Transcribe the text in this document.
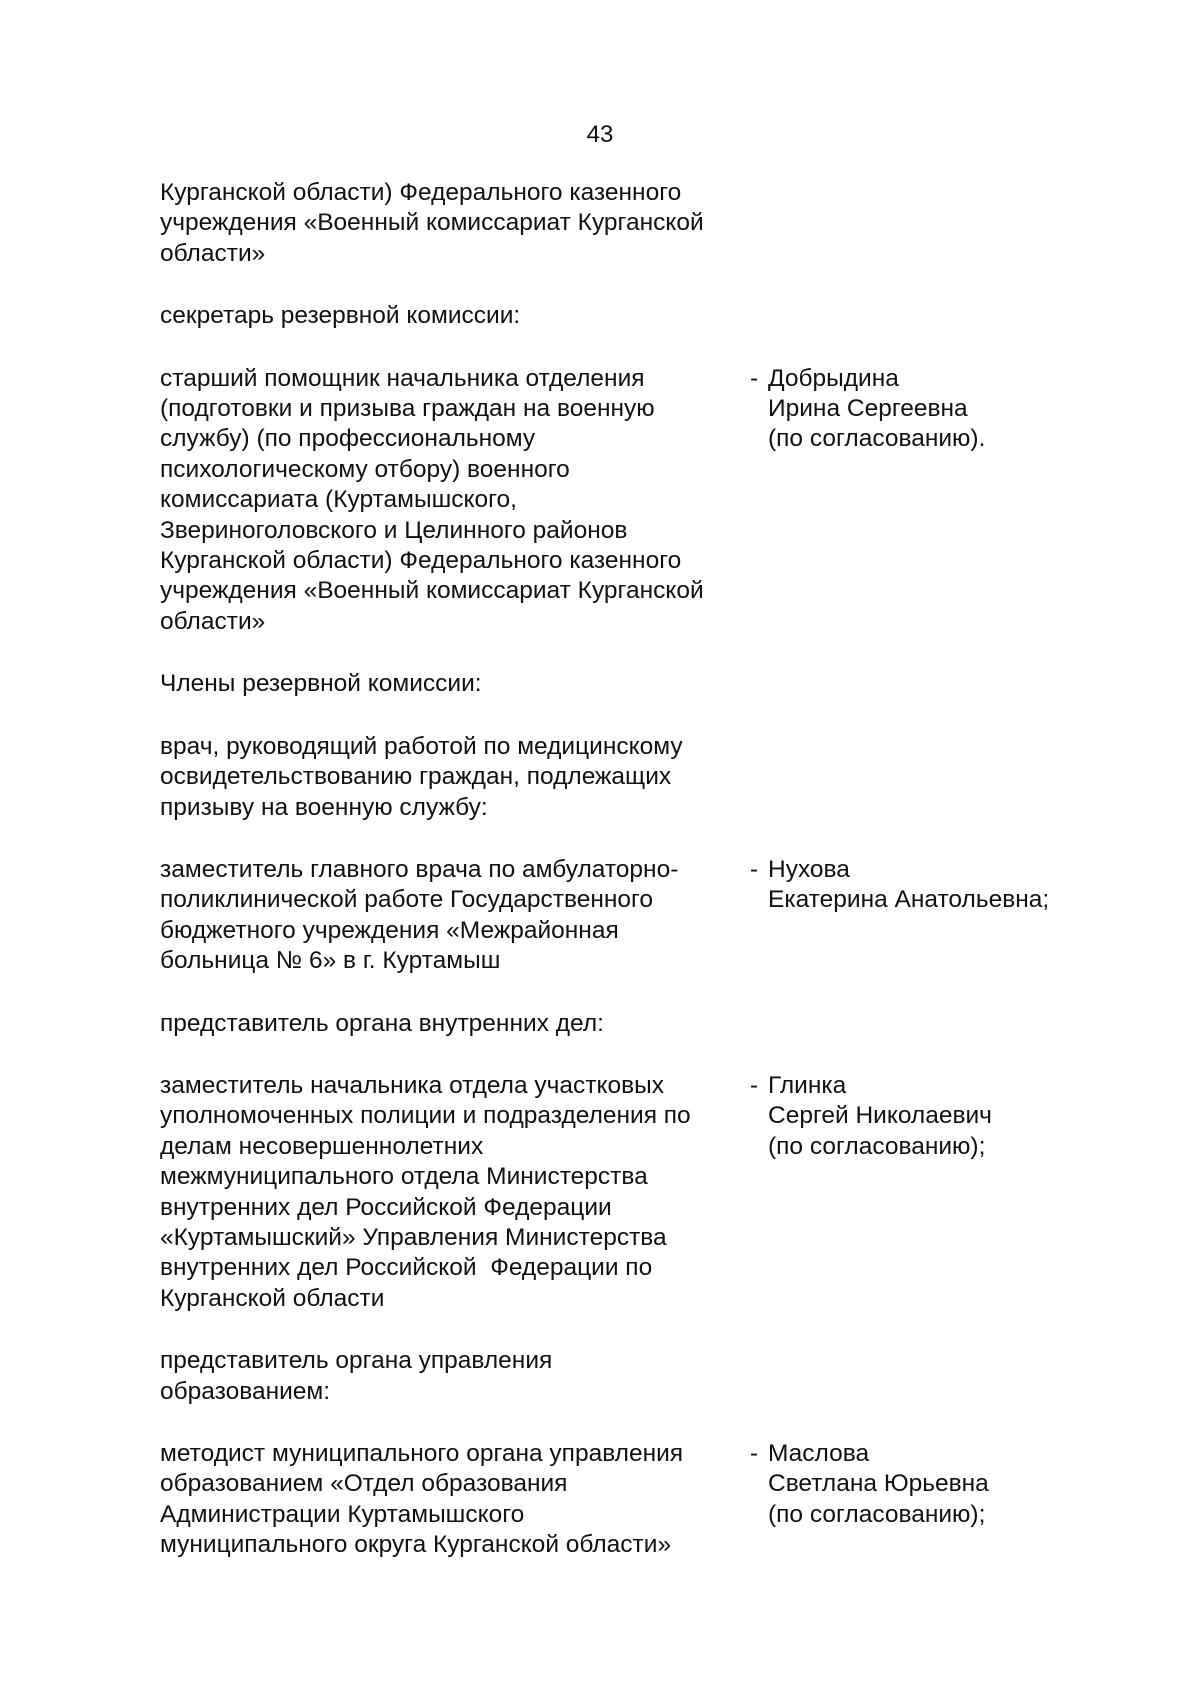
43
Курганской области) Федерального казенного
учреждения «Военный комиссариат Курганской
области»
секретарь резервной комиссии:
старший помощник начальника отделения
(подготовки и призыва граждан на военную
службу) (по профессиональному
психологическому отбору) военного
комиссариата (Куртамышского,
Звериноголовского и Целинного районов
Курганской области) Федерального казенного
учреждения «Военный комиссариат Курганской
области»
- Добрыдина
Ирина Сергеевна
(по согласованию).
Члены резервной комиссии:
врач, руководящий работой по медицинскому
освидетельствованию граждан, подлежащих
призыву на военную службу:
заместитель главного врача по амбулаторно-
поликлинической работе Государственного
бюджетного учреждения «Межрайонная
больница № 6» в г. Куртамыш
- Нухова
Екатерина Анатольевна;
представитель органа внутренних дел:
заместитель начальника отдела участковых
уполномоченных полиции и подразделения по
делам несовершеннолетних
межмуниципального отдела Министерства
внутренних дел Российской Федерации
«Куртамышский» Управления Министерства
внутренних дел Российской  Федерации по
Курганской области
- Глинка
Сергей Николаевич
(по согласованию);
представитель органа управления
образованием:
методист муниципального органа управления
образованием «Отдел образования
Администрации Куртамышского
муниципального округа Курганской области»
- Маслова
Светлана Юрьевна
(по согласованию);
